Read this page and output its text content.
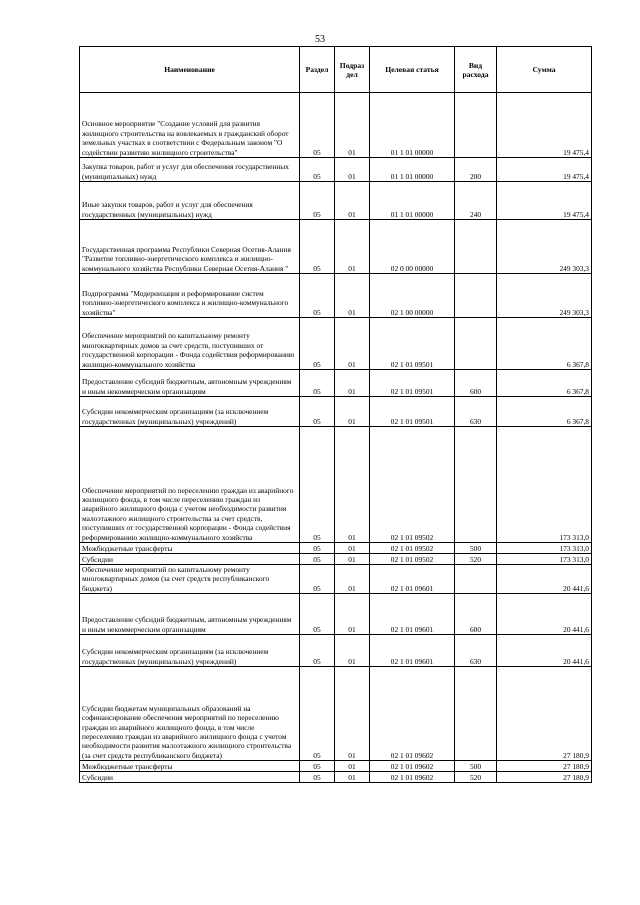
53
Наименование	Раздел	Подраз дел	Целевая статья	Вид расхода	Сумма
Основное мероприятие "Создание условий для развития жилищного строительства на вовлекаемых в гражданский оборот земельных участках в соответствии с Федеральным законом "О содействии развитию жилищного строительства"	05	01	01 1 01 00000		19 475,4
Закупка товаров, работ и услуг для обеспечения государственных (муниципальных) нужд	05	01	01 1 01 00000	200	19 475,4
Иные закупки товаров, работ и услуг для обеспечения государственных (муниципальных) нужд	05	01	01 1 01 00000	240	19 475,4
Государственная программа Республики Северная Осетия-Алания "Развитие топливно-энергетического комплекса и жилищно-коммунального хозяйства Республики Северная Осетия-Алания "	05	01	02 0 00 00000		249 303,3
Подпрограмма "Модернизация и реформирование систем топливно-энергетического комплекса и жилищно-коммунального хозяйства"	05	01	02 1 00 00000		249 303,3
Обеспечение мероприятий по капитальному ремонту многоквартирных домов за счет средств, поступивших от государственной корпорации - Фонда содействия реформированию жилищно-коммунального хозяйства	05	01	02 1 01 09501		6 367,8
Предоставление субсидий бюджетным, автономным учреждениям и иным некоммерческим организациям	05	01	02 1 01 09501	600	6 367,8
Субсидии некоммерческим организациям (за исключением государственных (муниципальных) учреждений)	05	01	02 1 01 09501	630	6 367,8
Обеспечение мероприятий по переселению граждан из аварийного жилищного фонда, в том числе переселению граждан из аварийного жилищного фонда с учетом необходимости развития малоэтажного жилищного строительства за счет средств, поступивших от государственной корпорации - Фонда содействия реформированию жилищно-коммунального хозяйства	05	01	02 1 01 09502		173 313,0
Межбюджетные трансферты	05	01	02 1 01 09502	500	173 313,0
Субсидии	05	01	02 1 01 09502	520	173 313,0
Обеспечение мероприятий по капитальному ремонту многоквартирных домов (за счет средств республиканского бюджета)	05	01	02 1 01 09601		20 441,6
Предоставление субсидий бюджетным, автономным учреждениям и иным некоммерческим организациям	05	01	02 1 01 09601	600	20 441,6
Субсидии некоммерческим организациям (за исключением государственных (муниципальных) учреждений)	05	01	02 1 01 09601	630	20 441,6
Субсидии бюджетам муниципальных образований на софинансирование обеспечения мероприятий по переселению граждан из аварийного жилищного фонда, в том числе переселению граждан из аварийного жилищного фонда с учетом необходимости развития малоэтажного жилищного строительства (за счет средств республиканского бюджета)	05	01	02 1 01 09602		27 180,9
Межбюджетные трансферты	05	01	02 1 01 09602	500	27 180,9
Субсидии	05	01	02 1 01 09602	520	27 180,9
